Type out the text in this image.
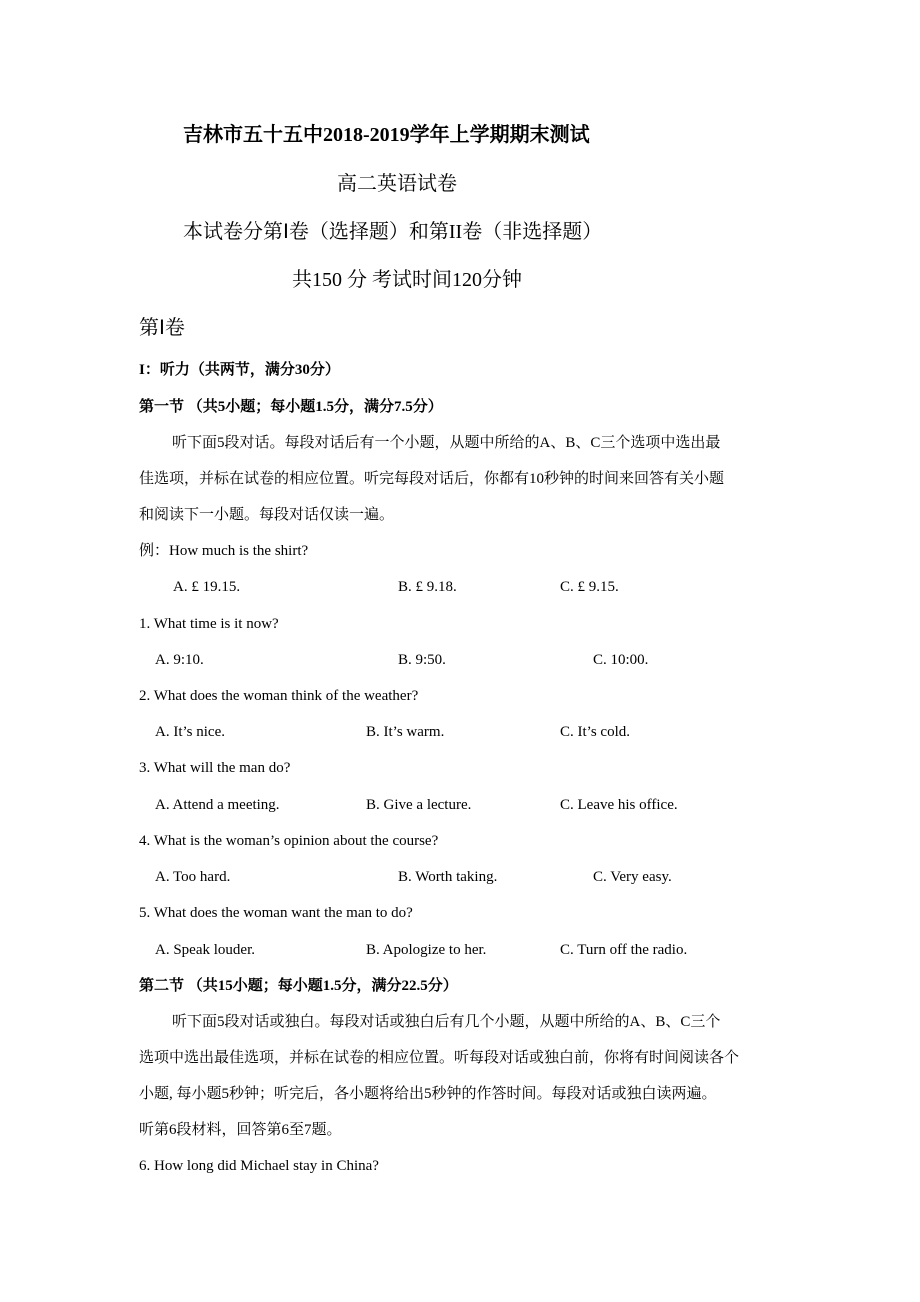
吉林市五十五中2018-2019学年上学期期末测试
高二英语试卷
本试卷分第Ⅰ卷（选择题）和第II卷（非选择题）
共150 分 考试时间120分钟
第Ⅰ卷
I：听力（共两节，满分30分）
第一节 （共5小题；每小题1.5分，满分7.5分）
听下面5段对话。每段对话后有一个小题，从题中所给的A、B、C三个选项中选出最
佳选项，并标在试卷的相应位置。听完每段对话后，你都有10秒钟的时间来回答有关小题
和阅读下一小题。每段对话仅读一遍。
例：How much is the shirt?
A. £ 19.15.	B. £ 9.18.	C. £ 9.15.
1. What time is it now?
A. 9:10.	B. 9:50.	C. 10:00.
2. What does the woman think of the weather?
A. It’s nice.	B. It’s warm.	C. It’s cold.
3. What will the man do?
A. Attend a meeting.	B. Give a lecture.	C. Leave his office.
4. What is the woman’s opinion about the course?
A. Too hard.	B. Worth taking.	C. Very easy.
5. What does the woman want the man to do?
A. Speak louder.	B. Apologize to her.	C. Turn off the radio.
第二节 （共15小题；每小题1.5分，满分22.5分）
听下面5段对话或独白。每段对话或独白后有几个小题，从题中所给的A、B、C三个
选项中选出最佳选项，并标在试卷的相应位置。听每段对话或独白前，你将有时间阅读各个
小题, 每小题5秒钟；听完后，各小题将给出5秒钟的作答时间。每段对话或独白读两遍。
听第6段材料，回答第6至7题。
6. How long did Michael stay in China?
